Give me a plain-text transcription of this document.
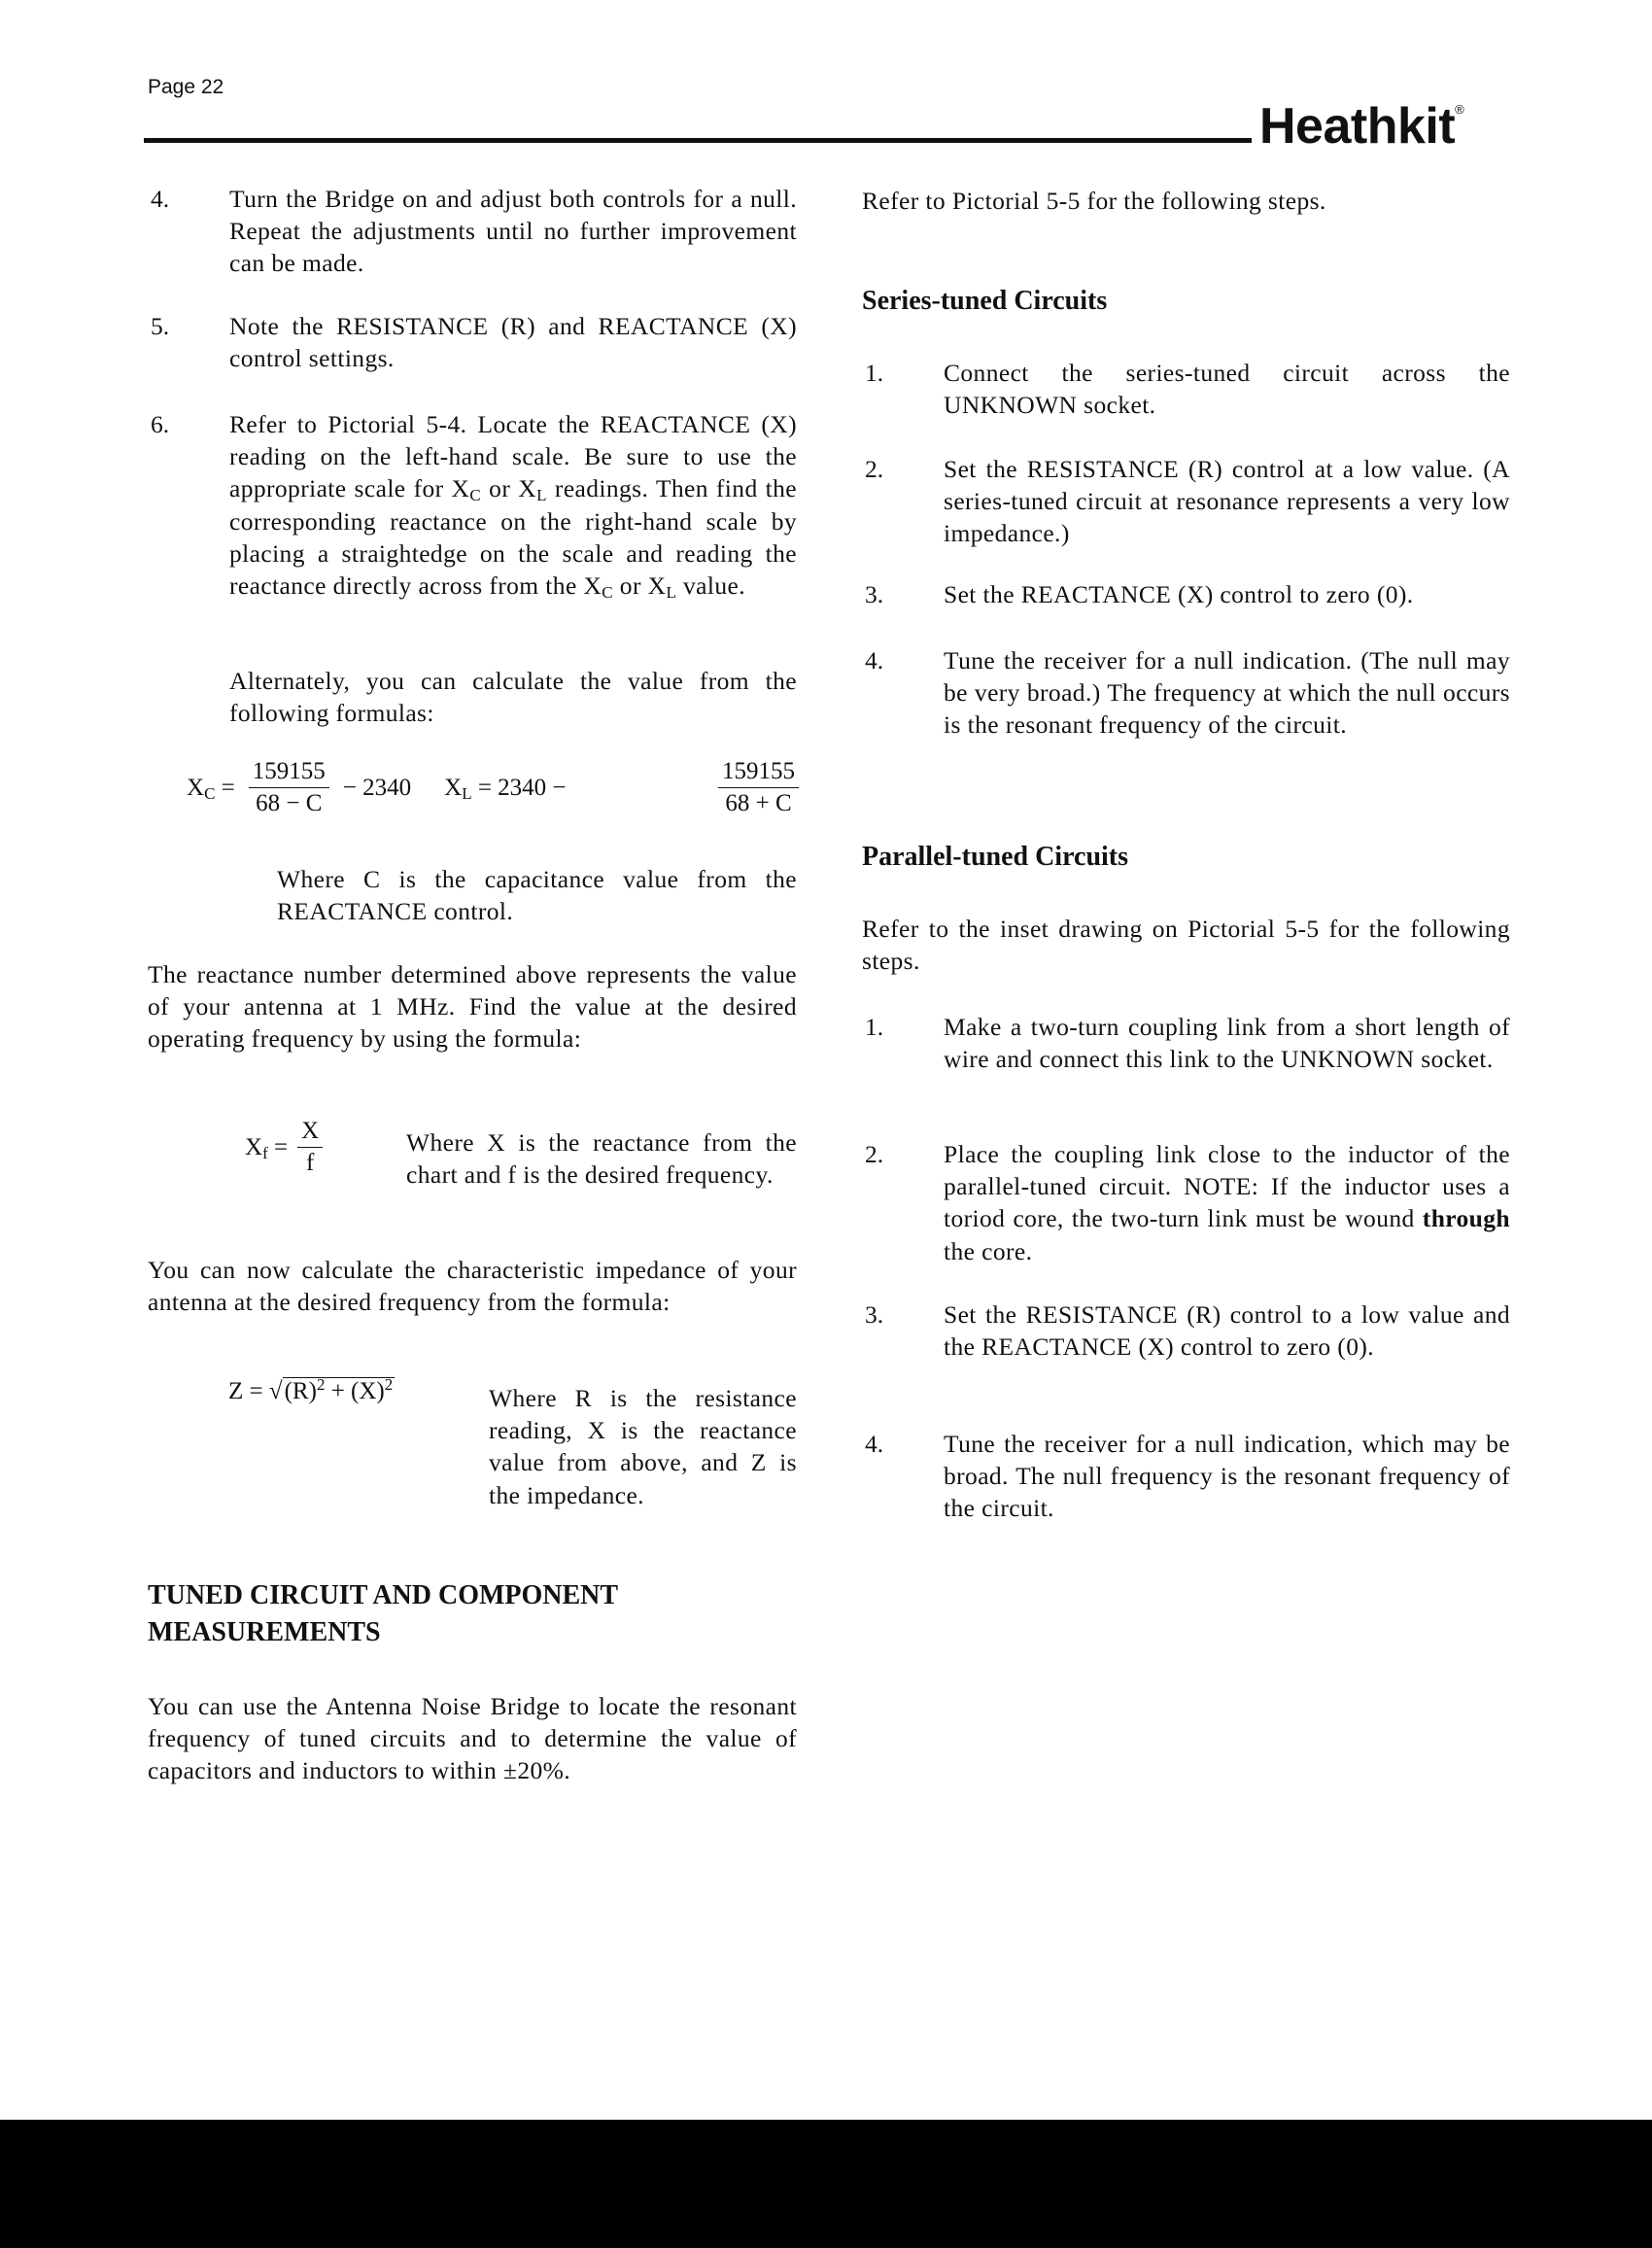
Page 22
Heathkit®
4. Turn the Bridge on and adjust both controls for a null. Repeat the adjustments until no further improvement can be made.
5. Note the RESISTANCE (R) and REACTANCE (X) control settings.
6. Refer to Pictorial 5-4. Locate the REACTANCE (X) reading on the left-hand scale. Be sure to use the appropriate scale for $X_C$ or $X_L$ readings. Then find the corresponding reactance on the right-hand scale by placing a straightedge on the scale and reading the reactance directly across from the $X_C$ or $X_L$ value.
Alternately, you can calculate the value from the following formulas:
$X_C = \frac{159155}{68 - C} - 2340$ $X_L = 2340$ −	$\frac{159155}{68 + C}$
Where C is the capacitance value from the REACTANCE control.
The reactance number determined above represents the value of your antenna at 1 MHz. Find the value at the desired operating frequency by using the formula:
$X_f = \frac{X}{f}$	Where X is the reactance from the chart and f is the desired frequency.
You can now calculate the characteristic impedance of your antenna at the desired frequency from the formula:
$Z = √(R)^2 + (X)^2$	Where R is the resistance reading, X is the reactance value from above, and Z is the impedance.
TUNED CIRCUIT AND COMPONENT MEASUREMENTS
You can use the Antenna Noise Bridge to locate the resonant frequency of tuned circuits and to determine the value of capacitors and inductors to within ±20%.
Refer to Pictorial 5-5 for the following steps.
Series-tuned Circuits
1. Connect the series-tuned circuit across the UNKNOWN socket.
2. Set the RESISTANCE (R) control at a low value. (A series-tuned circuit at resonance represents a very low impedance.)
3. Set the REACTANCE (X) control to zero (0).
4. Tune the receiver for a null indication. (The null may be very broad.) The frequency at which the null occurs is the resonant frequency of the circuit.
Parallel-tuned Circuits
Refer to the inset drawing on Pictorial 5-5 for the following steps.
1. Make a two-turn coupling link from a short length of wire and connect this link to the UNKNOWN socket.
2. Place the coupling link close to the inductor of the parallel-tuned circuit. NOTE: If the inductor uses a toriod core, the two-turn link must be wound through the core.
3. Set the RESISTANCE (R) control to a low value and the REACTANCE (X) control to zero (0).
4. Tune the receiver for a null indication, which may be broad. The null frequency is the resonant frequency of the circuit.
